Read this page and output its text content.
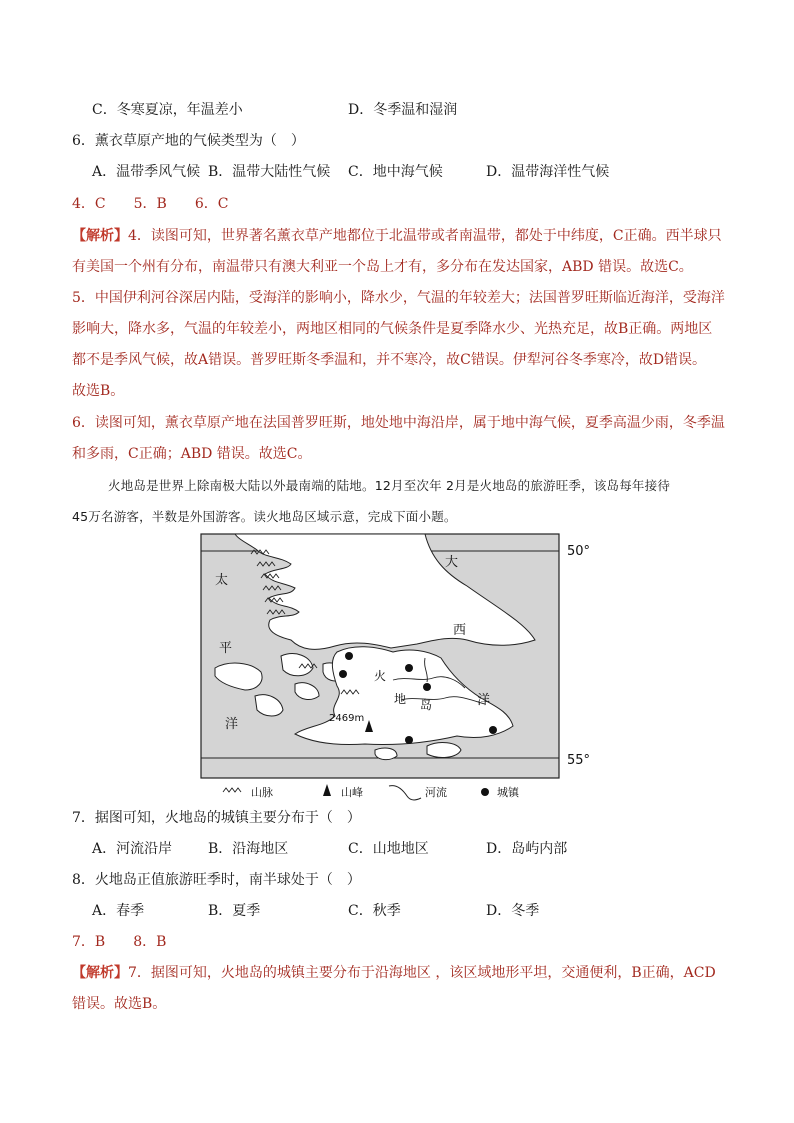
C．冬寒夏凉，年温差小	D．冬季温和湿润
6．薰衣草原产地的气候类型为（　）
A．温带季风气候 B．温带大陆性气候 C．地中海气候	D．温带海洋性气候
4．C　　5．B　　6．C
【解析】4．读图可知，世界著名薰衣草产地都位于北温带或者南温带，都处于中纬度，C正确。西半球只
有美国一个州有分布，南温带只有澳大利亚一个岛上才有，多分布在发达国家，ABD 错误。故选C。
5．中国伊利河谷深居内陆，受海洋的影响小，降水少，气温的年较差大；法国普罗旺斯临近海洋，受海洋
影响大，降水多，气温的年较差小，两地区相同的气候条件是夏季降水少、光热充足，故B正确。两地区
都不是季风气候，故A错误。普罗旺斯冬季温和，并不寒冷，故C错误。伊犁河谷冬季寒冷，故D错误。
故选B。
6．读图可知，薰衣草原产地在法国普罗旺斯，地处地中海沿岸，属于地中海气候，夏季高温少雨，冬季温
和多雨，C正确；ABD 错误。故选C。
火地岛是世界上除南极大陆以外最南端的陆地。12月至次年 2月是火地岛的旅游旺季，该岛每年接待
45万名游客，半数是外国游客。读火地岛区域示意，完成下面小题。
2469m
大
西
洋
太
平
洋
火
地 岛
50°
55°
山脉	山峰	河流	城镇
7．据图可知，火地岛的城镇主要分布于（　）
A．河流沿岸	B．沿海地区	C．山地地区	D．岛屿内部
8．火地岛正值旅游旺季时，南半球处于（　）
A．春季	B．夏季	C．秋季	D．冬季
7．B　　8．B
【解析】7．据图可知，火地岛的城镇主要分布于沿海地区 ，该区域地形平坦，交通便利，B正确，ACD
错误。故选B。
